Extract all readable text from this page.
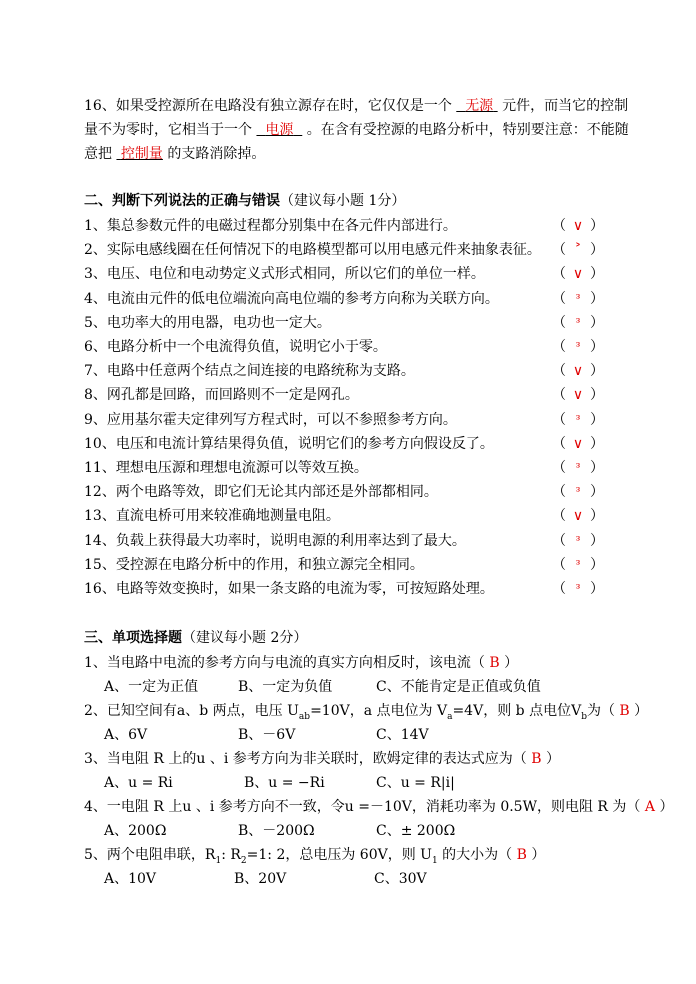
16、如果受控源所在电路没有独立源存在时，它仅仅是一个 无源 元件，而当它的控制
量不为零时，它相当于一个 电源 。在含有受控源的电路分析中，特别要注意：不能随
意把 控制量 的支路消除掉。
二、判断下列说法的正确与错误（建议每小题 1分）
1、集总参数元件的电磁过程都分别集中在各元件内部进行。	（ ∨ ）
2、实际电感线圈在任何情况下的电路模型都可以用电感元件来抽象表征。 （ ˃ ）
3、电压、电位和电动势定义式形式相同，所以它们的单位一样。	（ ∨ ）
4、电流由元件的低电位端流向高电位端的参考方向称为关联方向。	（ ᵌ ）
5、电功率大的用电器，电功也一定大。	（ ᵌ ）
6、电路分析中一个电流得负值，说明它小于零。	（ ᵌ ）
7、电路中任意两个结点之间连接的电路统称为支路。	（ ∨ ）
8、网孔都是回路，而回路则不一定是网孔。	（ ∨ ）
9、应用基尔霍夫定律列写方程式时，可以不参照参考方向。	（ ᵌ ）
10、电压和电流计算结果得负值，说明它们的参考方向假设反了。	（ ∨ ）
11、理想电压源和理想电流源可以等效互换。	（ ᵌ ）
12、两个电路等效，即它们无论其内部还是外部都相同。	（ ᵌ ）
13、直流电桥可用来较准确地测量电阻。	（ ∨ ）
14、负载上获得最大功率时，说明电源的利用率达到了最大。	（ ᵌ ）
15、受控源在电路分析中的作用，和独立源完全相同。	（ ᵌ ）
16、电路等效变换时，如果一条支路的电流为零，可按短路处理。	（ ᵌ ）
三、单项选择题（建议每小题 2分）
1、当电路中电流的参考方向与电流的真实方向相反时，该电流（ B ）
A、一定为正值	B、一定为负值	C、不能肯定是正值或负值
2、已知空间有a、b 两点，电压 $U_{ab}=10V$，a 点电位为 $V_a=4V$，则 b 点电位$V_b$为（ B ）
A、6V	B、－6V	C、14V
3、当电阻 R 上的u 、i 参考方向为非关联时，欧姆定律的表达式应为（ B ）
A、u = Ri	B、u = −Ri	C、u = R|i|
4、一电阻 R 上u 、i 参考方向不一致，令u =－10V，消耗功率为 0.5W，则电阻 R 为（ A ）
A、200Ω	B、－200Ω	C、± 200Ω
5、两个电阻串联，$R_1$: $R_2=1$: 2，总电压为 60V，则 $U_1$ 的大小为（ B ）
A、10V	B、20V	C、30V
